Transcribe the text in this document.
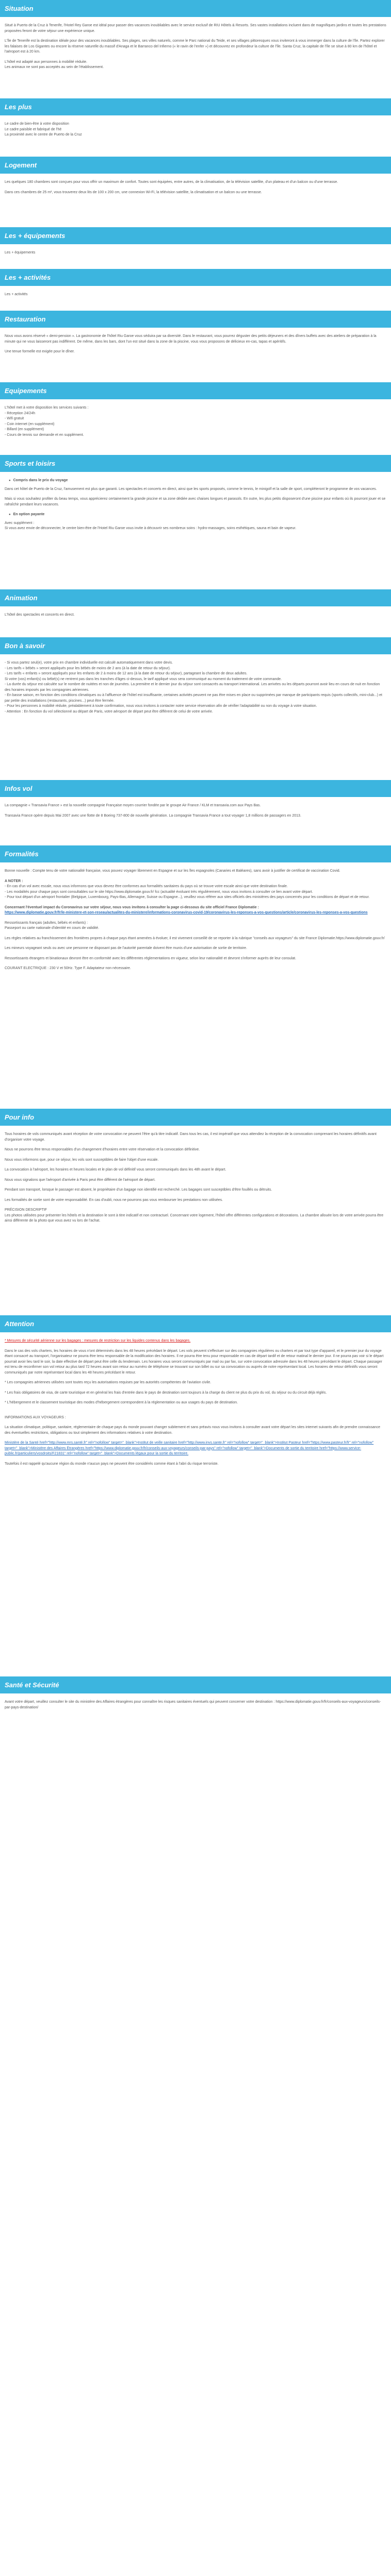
Situation

Situé à Puerto de la Cruz à Tenerife, l'Hotel Rey Garoe est idéal pour passer des vacances inoubliables avec le service exclusif de RIU Hôtels & Resorts. Ses vastes installations incluent dans de magnifiques jardins et toutes les prestations proposées feront de votre séjour une expérience unique.

L'île de Tenerife est la destination idéale pour des vacances inoubliables. Ses plages, ses villes naturels, comme le Parc national du Teide, et ses villages pittoresques vous inviteront à vous immerger dans la culture de l'île. Partez explorer les falaises de Los Gigantes ou encore la réserve naturelle du massif d'Anaga et le Barranco del Infierno (« le ravin de l'enfer ») et découvrez en profondeur la culture de l'île. Santa Cruz, la capitale de l'île se situe à 80 km de l'hôtel et l'aéroport est à 20 km.

L'hôtel est adapté aux personnes à mobilité réduite.
Les animaux ne sont pas acceptés au sein de l'établissement.

Les plus
Le cadre de bien-être à votre disposition
Le cadre paisible et fabriqué de l'hé
La proximité avec le centre de Puerto de la Cruz
Logement

Les quelques 180 chambres sont conçues pour vous offrir un maximum de confort. Toutes sont équipées, entre autres, de la climatisation, de la télévision satellite, d'un plateau et d'un balcon ou d'une terrasse.

Dans ces chambres de 25 m², vous trouverez deux lits de 100 x 200 cm, une connexion Wi-Fi, la télévision satellite, la climatisation et un balcon ou une terrasse.

Les + équipements
Les + équipements
Les + activités
Les + activités
Restauration

Nous vous avons réservé « demi-pension ». La gastronomie de l'hôtel Riu Garoe vous séduira par sa diversité. Dans le restaurant, vous pourrez déguster des petits déjeuners et des dîners buffets avec des ateliers de préparation à la minute qui ne vous laisseront pas indifférent. De même, dans les bars, dont l'un est situé dans la zone de la piscine, vous vous proposons de délicieux en-cas, tapas et apéritifs.

Une tenue formelle est exigée pour le dîner.

Equipements
L'hôtel met à votre disposition les services suivants :
- Réception 24/24h
- Wifi gratuit
- Coin internet (en supplément)
- Billard (en supplément)
- Cours de tennis sur demande et en supplément.
Sports et loisirs
● Compris dans le prix du voyage

Dans cet hôtel de Puerto de la Cruz, l'amusement est plus que garanti. Les spectacles et concerts en direct, ainsi que les sports proposés, comme le tennis, le minigolf et la salle de sport, compléteront le programme de vos vacances.

Mais si vous souhaitez profiter du beau temps, vous apprécierez certainement la grande piscine et sa zone dédiée avec chaises longues et parasols. En outre, les plus petits disposeront d'une piscine pour enfants où ils pourront jouer et se rafraîchir pendant leurs vacances.

● En option payante
Avec supplément :
Si vous avez envie de déconnecter, le centre bien-être de l'Hotel Riu Garoe vous invite à découvrir ses nombreux soins : hydro-massages, soins esthétiques, sauna et bain de vapeur.
Animation
L'hôtel des spectacles et concerts en direct.
Bon à savoir
- Si vous partez seul(e), votre prix en chambre individuelle est calculé automatiquement dans votre devis.
- Les tarifs « bébés » seront appliqués pour les bébés de moins de 2 ans (à la date de retour du séjour).
- Les tarifs « enfants » seront appliqués pour les enfants de 2 à moins de 12 ans (à la date de retour du séjour), partageant la chambre de deux adultes.
Si votre (vos) enfant(s) ou bébé(s) ne rentrent pas dans les tranches d'âges ci-dessus, le tarif appliqué vous sera communiqué au moment du traitement de votre commande.
- La durée du séjour est calculée sur le nombre de nuitées et non de journées. La première et le dernier jour du séjour sont consacrés au transport international. Les arrivées ou les départs pourront avoir lieu en cours de nuit en fonction des horaires imposés par les compagnies aériennes.
- En basse saison, en fonction des conditions climatiques ou à l'affluence de l'hôtel est insuffisante, certaines activités peuvent ne pas être mises en place ou supprimées par manque de participants requis (sports collectifs, mini-club...) et par petite des installations (restaurants, piscines...) peut être fermée.
- Pour les personnes à mobilité réduite, préalablement à toute confirmation, nous vous invitons à contacter notre service réservation afin de vérifier l'adaptabilité ou non du voyage à votre situation.
- Attention : En fonction du vol sélectionné au départ de Paris, votre aéroport de départ peut être différent de celui de votre arrivée.
Infos vol

La compagnie « Transavia France » est la nouvelle compagnie Française moyen courrier fondée par le groupe Air France / KLM et transavia.com aux Pays Bas.

Transavia France opère depuis Mai 2007 avec une flotte de 8 Boeing 737-800 de nouvelle génération. La compagnie Transavia France a tout voyager 1,8 millions de passagers en 2013.

Formalités

Bonne nouvelle : Compte tenu de votre nationalité française, vous pouvez voyager librement en Espagne et sur les îles espagnoles (Canaries et Baléares), sans avoir à justifier de certificat de vaccination Covid.

A NOTER :
- En cas d'un vol avec escale, nous vous informons que vous devrez être conformes aux formalités sanitaires du pays où se trouve votre escale ainsi que votre destination finale.
- Les modalités pour chaque pays sont consultables sur le site https://www.diplomatie.gouv.fr/ fcc (actualité évoluant très régulièrement, nous vous invitons à consulter ce lien avant votre départ.

- Pour tout départ d'un aéroport frontalier (Belgique, Luxembourg, Pays-Bas, Allemagne, Suisse ou Espagne...), veuillez vous référer aux sites officiels des ministères des pays concernés pour les conditions de départ et de retour.

Concernant l'éventuel impact du Coronavirus sur votre séjour, nous vous invitons à consulter la page ci-dessous du site officiel France Diplomatie :

https://www.diplomatie.gouv.fr/fr/le-ministere-et-son-reseau/actualites-du-ministere/informations-coronavirus-covid-19/coronavirus-les-reponses-a-vos-questions/article/coronavirus-les-reponses-a-vos-questions

Ressortissants français (adultes, bébés et enfants) :
Passeport ou carte nationale d'identité en cours de validité.

Les règles relatives au franchissement des frontières propres à chaque pays étant amenées à évoluer, il est vivement conseillé de se reporter à la rubrique "conseils aux voyageurs" du site France Diplomatie.https://www.diplomatie.gouv.fr/

Les mineurs voyageant seuls ou avec une personne ne disposant pas de l'autorité parentale doivent être munis d'une autorisation de sortie de territoire.

Ressortissants étrangers et binationaux devront être en conformité avec les différentes réglementations en vigueur, selon leur nationalité et devront s'informer auprès de leur consulat.

COURANT ELECTRIQUE : 230 V et 50Hz. Type F. Adaptateur non nécessaire.

Pour info

Tous horaires de vols communiqués avant réception de votre convocation ne peuvent l'être qu'à titre indicatif. Dans tous les cas, il est impératif que vous attendiez la réception de la convocation comprenant les horaires définitifs avant d'organiser votre voyage.

Nous ne pourrons être tenus responsables d'un changement d'horaires entre votre réservation et la convocation définitive.

Nous vous informons que, pour ce séjour, les vols sont susceptibles de faire l'objet d'une escale.

La convocation à l'aéroport, les horaires et heures locales et le plan de vol définitif vous seront communiqués dans les 48h avant le départ.

Nous vous signalons que l'aéroport d'arrivée à Paris peut être différent de l'aéroport de départ.

Pendant son transport, lorsque le passager est absent, le propriétaire d'un bagage non identifié est recherché. Les bagages sont susceptibles d'être fouillés ou détruits.

Les formalités de sortie sont de votre responsabilité. En cas d'oubli, nous ne pourrons pas vous rembourser les prestations non utilisées.

PRÉCISION DESCRIPTIF

Les photos utilisées pour présenter les hôtels et la destination le sont à titre indicatif et non contractuel. Concernant votre logement, l'hôtel offre différentes configurations et décorations. La chambre allouée lors de votre arrivée pourra être ainsi différente de la photo que vous avez vu lors de l'achat.

Attention

* Mesures de sécurité aérienne sur les bagages : mesures de restriction sur les liquides contenus dans les bagages.

Dans le cas des vols charters, les horaires de vous n'ont déterminés dans les 48 heures précédant le départ. Les vols peuvent s'effectuer sur des compagnies régulières ou charters et par tout type d'appareil, et le premier jour du voyage étant consacré au transport, l'organisateur ne pourra être tenu responsable de la modification des horaires. Il ne pourra être tenu pour responsable en cas de départ tardif et de retour matinal le dernier jour. Il ne pourra pas voir si le départ pourrait avoir lieu tard le soir, la date effective de départ peut être celle du lendemain. Les horaires vous seront communiqués par mail ou par fax, sur votre convocation adressée dans les 48 heures précédant le départ. Chaque passager est tenu de reconfirmer son vol retour au plus tard 72 heures avant son retour au numéro de téléphone se trouvant sur son billet ou sur sa convocation ou auprès de notre représentant local. Les horaires de retour définitifs vous seront communiqués par notre représentant local dans les 48 heures précédant le retour.

* Les compagnies aériennes utilisées sont toutes reçu les autorisations requises par les autorités compétentes de l'aviation civile.

* Les frais obligatoires de visa, de carte touristique et en général les frais d'entrée dans le pays de destination sont toujours à la charge du client ne plus du prix du vol, du séjour ou du circuit déjà réglés.

* L'hébergement et le classement touristique des modes d'hébergement correspondent à la réglementation ou aux usages du pays de destination.

INFORMATIONS AUX VOYAGEURS :

La situation climatique, politique, sanitaire, réglementaire de chaque pays du monde pouvant changer subitement et sans préavis nous vous invitons à consulter avant votre départ les sites internet suivants afin de prendre connaissance des éventuelles restrictions, obligations ou tout simplement des informations relatives à votre destination.

Ministère de la Santé href="http://www.mrs.santé.fr" rel="nofollow" target="_blank">Institut de veille sanitaire href="http://www.invs.sante.fr" rel="nofollow" target="_blank">Institut Pasteur href="https://www.pasteur.fr/fr" rel="nofollow" target="_blank">Ministère des Affaires Étrangères href="https://www.diplomatie.gouv.fr/fr/conseils-aux-voyageurs/conseils-par-pays" rel="nofollow" target="_blank">Documents de sortie du territoire href="https://www.service-public.fr/particuliers/vosdroits/F21831" rel="nofollow" target="_blank">Documents légaux pour la sortie du territoire.

Toutefois il est rappelé qu'aucune région du monde n'aucun pays ne peuvent être considérés comme étant à l'abri du risque terroriste.

Santé et Sécurité
Avant votre départ, veuillez consulter le site du ministère des Affaires étrangères pour connaître les risques sanitaires éventuels qui peuvent concerner votre destination : https://www.diplomatie.gouv.fr/fr/conseils-aux-voyageurs/conseils-par-pays-destination/
